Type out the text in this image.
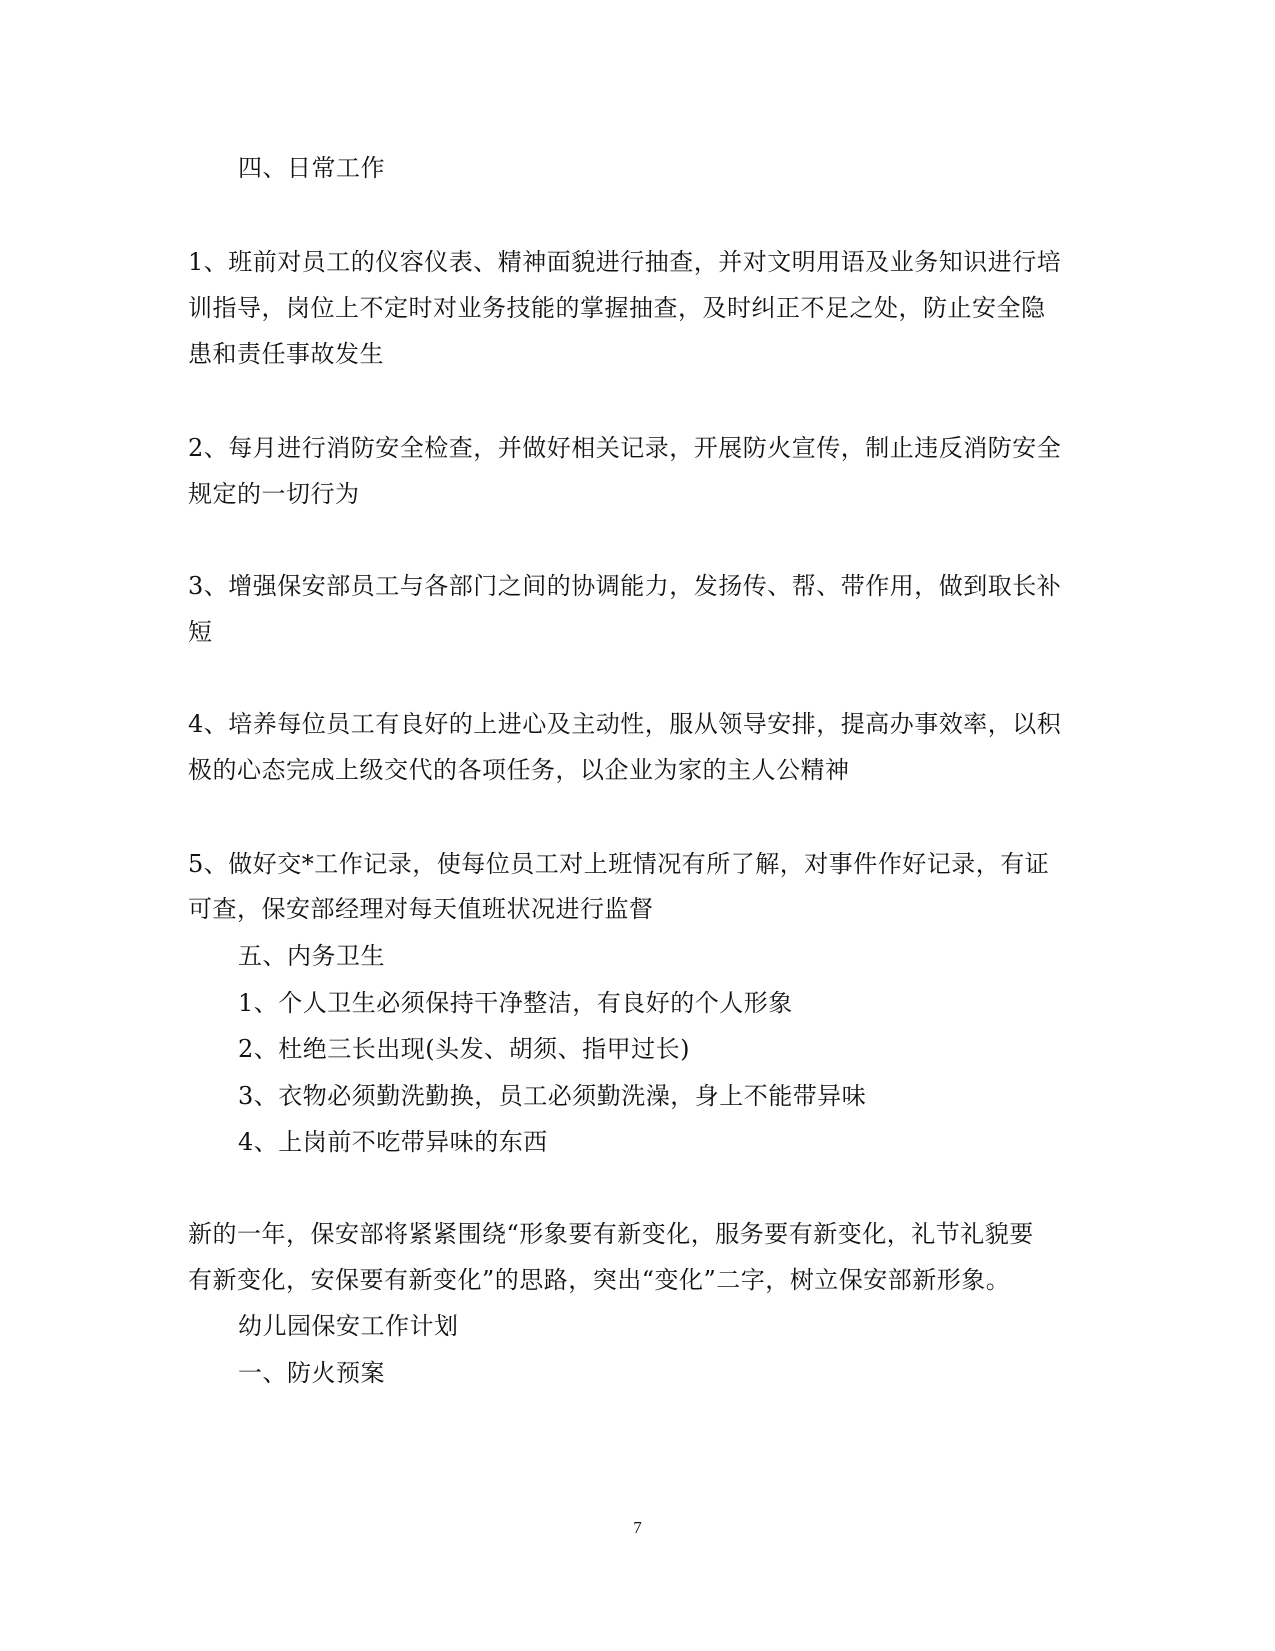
四、日常工作
1、班前对员工的仪容仪表、精神面貌进行抽查，并对文明用语及业务知识进行培
训指导，岗位上不定时对业务技能的掌握抽查，及时纠正不足之处，防止安全隐
患和责任事故发生
2、每月进行消防安全检查，并做好相关记录，开展防火宣传，制止违反消防安全
规定的一切行为
3、增强保安部员工与各部门之间的协调能力，发扬传、帮、带作用，做到取长补
短
4、培养每位员工有良好的上进心及主动性，服从领导安排，提高办事效率，以积
极的心态完成上级交代的各项任务，以企业为家的主人公精神
5、做好交*工作记录，使每位员工对上班情况有所了解，对事件作好记录，有证
可查，保安部经理对每天值班状况进行监督
五、内务卫生
1、个人卫生必须保持干净整洁，有良好的个人形象
2、杜绝三长出现(头发、胡须、指甲过长)
3、衣物必须勤洗勤换，员工必须勤洗澡，身上不能带异味
4、上岗前不吃带异味的东西
新的一年，保安部将紧紧围绕“形象要有新变化，服务要有新变化，礼节礼貌要
有新变化，安保要有新变化”的思路，突出“变化”二字，树立保安部新形象。
幼儿园保安工作计划
一、防火预案
7
